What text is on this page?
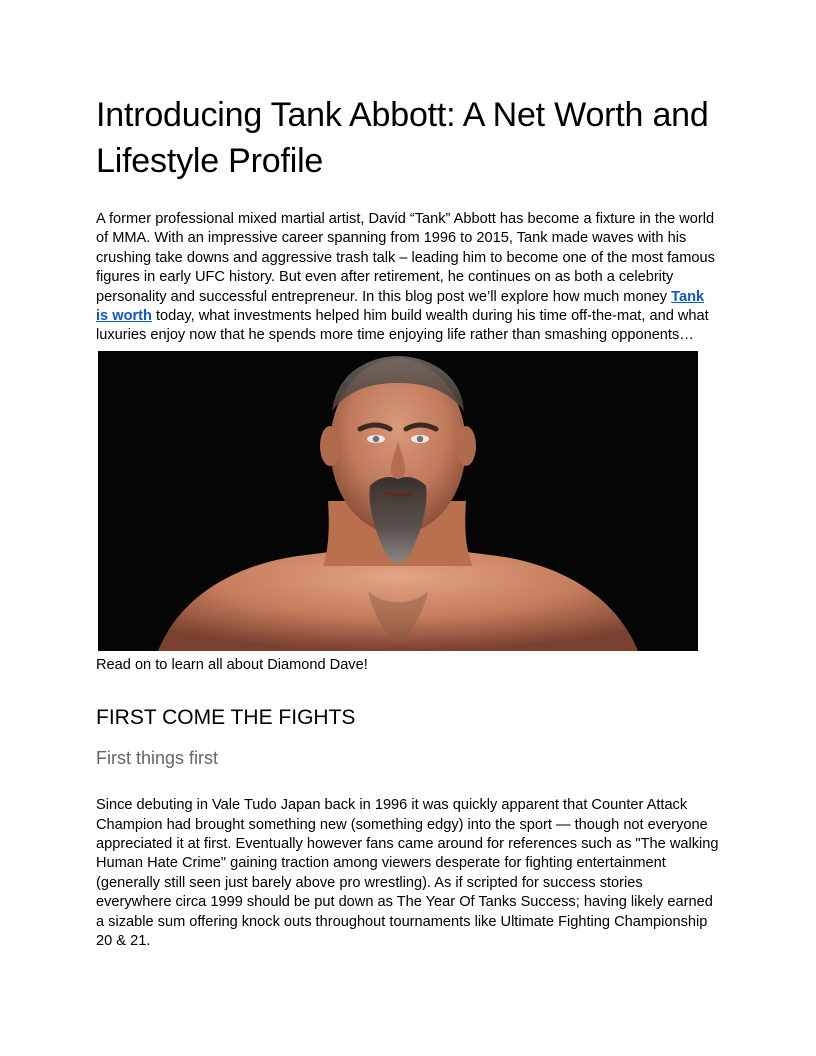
Introducing Tank Abbott: A Net Worth and Lifestyle Profile

A former professional mixed martial artist, David “Tank” Abbott has become a fixture in the world of MMA. With an impressive career spanning from 1996 to 2015, Tank made waves with his crushing take downs and aggressive trash talk – leading him to become one of the most famous figures in early UFC history. But even after retirement, he continues on as both a celebrity personality and successful entrepreneur. In this blog post we’ll explore how much money Tank is worth today, what investments helped him build wealth during his time off-the-mat, and what luxuries enjoy now that he spends more time enjoying life rather than smashing opponents…

Read on to learn all about Diamond Dave!

FIRST COME THE FIGHTS
First things first

Since debuting in Vale Tudo Japan back in 1996 it was quickly apparent that Counter Attack Champion had brought something new (something edgy) into the sport — though not everyone appreciated it at first. Eventually however fans came around for references such as "The walking Human Hate Crime" gaining traction among viewers desperate for fighting entertainment (generally still seen just barely above pro wrestling). As if scripted for success stories everywhere circa 1999 should be put down as The Year Of Tanks Success; having likely earned a sizable sum offering knock outs throughout tournaments like Ultimate Fighting Championship 20 & 21.
